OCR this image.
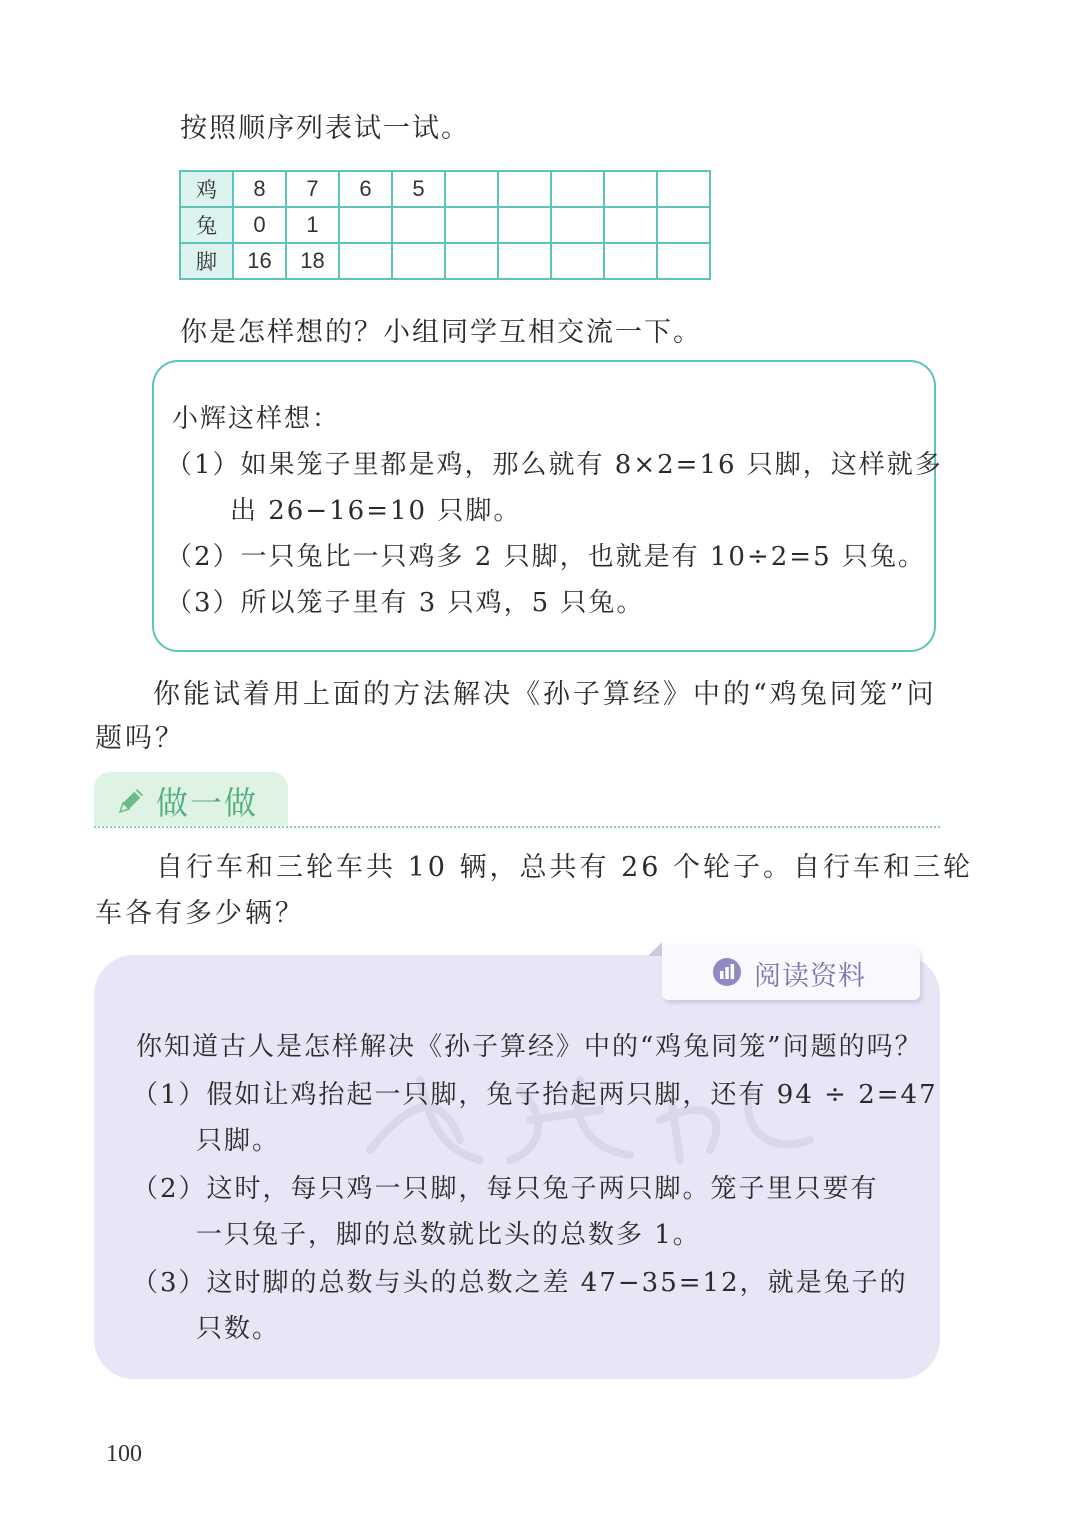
按照顺序列表试一试。
鸡	8	7	6	5					
兔	0	1							
脚	16	18							
你是怎样想的？小组同学互相交流一下。
小辉这样想：
（1）如果笼子里都是鸡，那么就有 8×2=16 只脚，这样就多
出 26−16=10 只脚。
（2）一只兔比一只鸡多 2 只脚，也就是有 10÷2=5 只兔。
（3）所以笼子里有 3 只鸡，5 只兔。
你能试着用上面的方法解决《孙子算经》中的“鸡兔同笼”问
题吗？
做一做
自行车和三轮车共 10 辆，总共有 26 个轮子。自行车和三轮
车各有多少辆？
阅读资料
你知道古人是怎样解决《孙子算经》中的“鸡兔同笼”问题的吗？
（1）假如让鸡抬起一只脚，兔子抬起两只脚，还有 94 ÷ 2=47
只脚。
（2）这时，每只鸡一只脚，每只兔子两只脚。笼子里只要有
一只兔子，脚的总数就比头的总数多 1。
（3）这时脚的总数与头的总数之差 47−35=12，就是兔子的
只数。
100
